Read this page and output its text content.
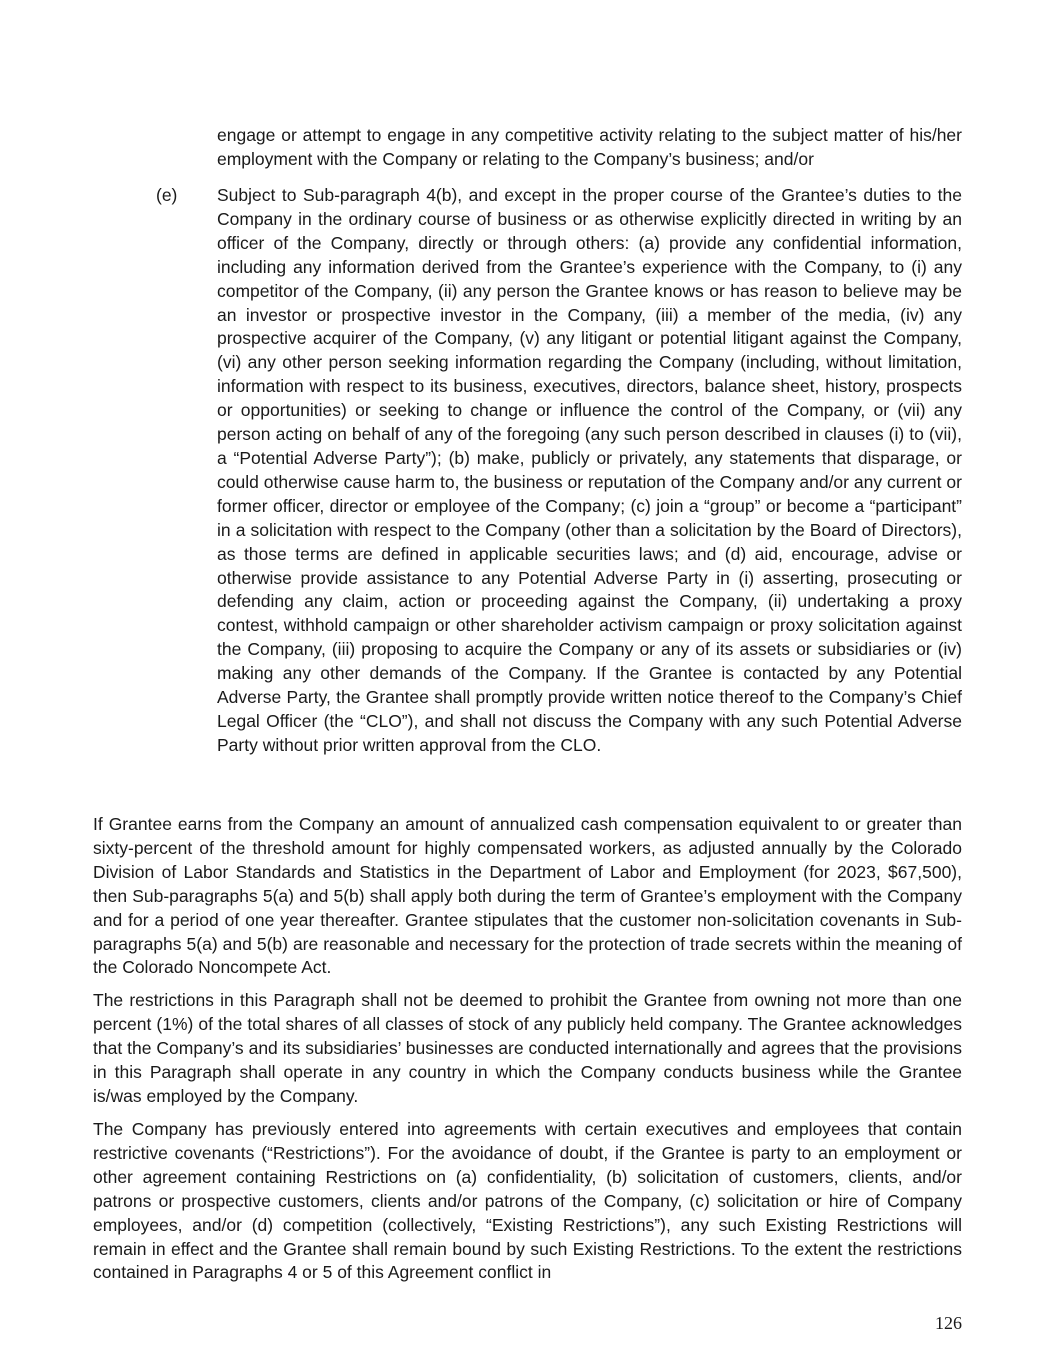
engage or attempt to engage in any competitive activity relating to the subject matter of his/her employment with the Company or relating to the Company’s business; and/or
(e) Subject to Sub-paragraph 4(b), and except in the proper course of the Grantee’s duties to the Company in the ordinary course of business or as otherwise explicitly directed in writing by an officer of the Company, directly or through others: (a) provide any confidential information, including any information derived from the Grantee’s experience with the Company, to (i) any competitor of the Company, (ii) any person the Grantee knows or has reason to believe may be an investor or prospective investor in the Company, (iii) a member of the media, (iv) any prospective acquirer of the Company, (v) any litigant or potential litigant against the Company, (vi) any other person seeking information regarding the Company (including, without limitation, information with respect to its business, executives, directors, balance sheet, history, prospects or opportunities) or seeking to change or influence the control of the Company, or (vii) any person acting on behalf of any of the foregoing (any such person described in clauses (i) to (vii), a “Potential Adverse Party”); (b) make, publicly or privately, any statements that disparage, or could otherwise cause harm to, the business or reputation of the Company and/or any current or former officer, director or employee of the Company; (c) join a “group” or become a “participant” in a solicitation with respect to the Company (other than a solicitation by the Board of Directors), as those terms are defined in applicable securities laws; and (d) aid, encourage, advise or otherwise provide assistance to any Potential Adverse Party in (i) asserting, prosecuting or defending any claim, action or proceeding against the Company, (ii) undertaking a proxy contest, withhold campaign or other shareholder activism campaign or proxy solicitation against the Company, (iii) proposing to acquire the Company or any of its assets or subsidiaries or (iv) making any other demands of the Company. If the Grantee is contacted by any Potential Adverse Party, the Grantee shall promptly provide written notice thereof to the Company’s Chief Legal Officer (the “CLO”), and shall not discuss the Company with any such Potential Adverse Party without prior written approval from the CLO.
If Grantee earns from the Company an amount of annualized cash compensation equivalent to or greater than sixty-percent of the threshold amount for highly compensated workers, as adjusted annually by the Colorado Division of Labor Standards and Statistics in the Department of Labor and Employment (for 2023, $67,500), then Sub-paragraphs 5(a) and 5(b) shall apply both during the term of Grantee’s employment with the Company and for a period of one year thereafter. Grantee stipulates that the customer non-solicitation covenants in Sub-paragraphs 5(a) and 5(b) are reasonable and necessary for the protection of trade secrets within the meaning of the Colorado Noncompete Act.
The restrictions in this Paragraph shall not be deemed to prohibit the Grantee from owning not more than one percent (1%) of the total shares of all classes of stock of any publicly held company. The Grantee acknowledges that the Company’s and its subsidiaries’ businesses are conducted internationally and agrees that the provisions in this Paragraph shall operate in any country in which the Company conducts business while the Grantee is/was employed by the Company.
The Company has previously entered into agreements with certain executives and employees that contain restrictive covenants (“Restrictions”). For the avoidance of doubt, if the Grantee is party to an employment or other agreement containing Restrictions on (a) confidentiality, (b) solicitation of customers, clients, and/or patrons or prospective customers, clients and/or patrons of the Company, (c) solicitation or hire of Company employees, and/or (d) competition (collectively, “Existing Restrictions”), any such Existing Restrictions will remain in effect and the Grantee shall remain bound by such Existing Restrictions. To the extent the restrictions contained in Paragraphs 4 or 5 of this Agreement conflict in
126
